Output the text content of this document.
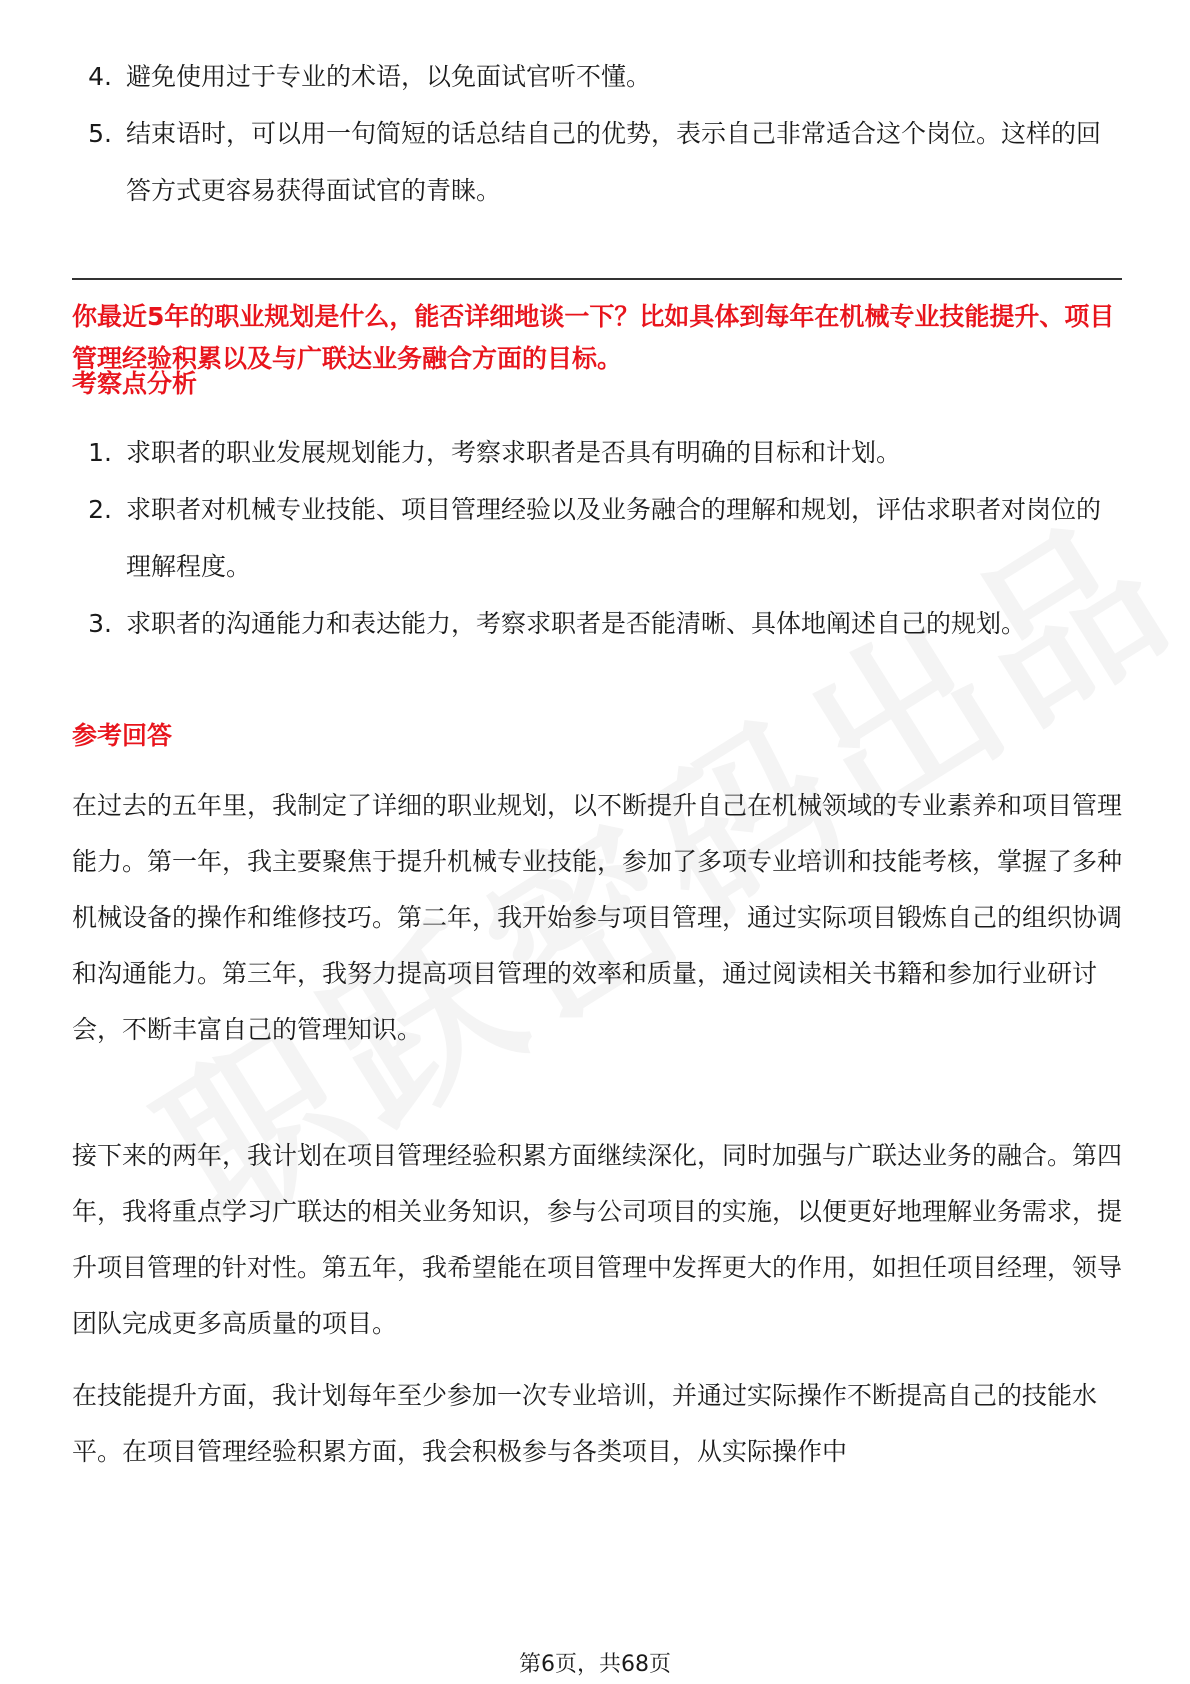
4. 避免使用过于专业的术语，以免面试官听不懂。
5. 结束语时，可以用一句简短的话总结自己的优势，表示自己非常适合这个岗位。这样的回答方式更容易获得面试官的青睐。
你最近5年的职业规划是什么，能否详细地谈一下？比如具体到每年在机械专业技能提升、项目管理经验积累以及与广联达业务融合方面的目标。
考察点分析
1. 求职者的职业发展规划能力，考察求职者是否具有明确的目标和计划。
2. 求职者对机械专业技能、项目管理经验以及业务融合的理解和规划，评估求职者对岗位的理解程度。
3. 求职者的沟通能力和表达能力，考察求职者是否能清晰、具体地阐述自己的规划。
参考回答

在过去的五年里，我制定了详细的职业规划，以不断提升自己在机械领域的专业素养和项目管理能力。第一年，我主要聚焦于提升机械专业技能，参加了多项专业培训和技能考核，掌握了多种机械设备的操作和维修技巧。第二年，我开始参与项目管理，通过实际项目锻炼自己的组织协调和沟通能力。第三年，我努力提高项目管理的效率和质量，通过阅读相关书籍和参加行业研讨会，不断丰富自己的管理知识。

接下来的两年，我计划在项目管理经验积累方面继续深化，同时加强与广联达业务的融合。第四年，我将重点学习广联达的相关业务知识，参与公司项目的实施，以便更好地理解业务需求，提升项目管理的针对性。第五年，我希望能在项目管理中发挥更大的作用，如担任项目经理，领导团队完成更多高质量的项目。

在技能提升方面，我计划每年至少参加一次专业培训，并通过实际操作不断提高自己的技能水平。在项目管理经验积累方面，我会积极参与各类项目，从实际操作中

第6页，共68页
